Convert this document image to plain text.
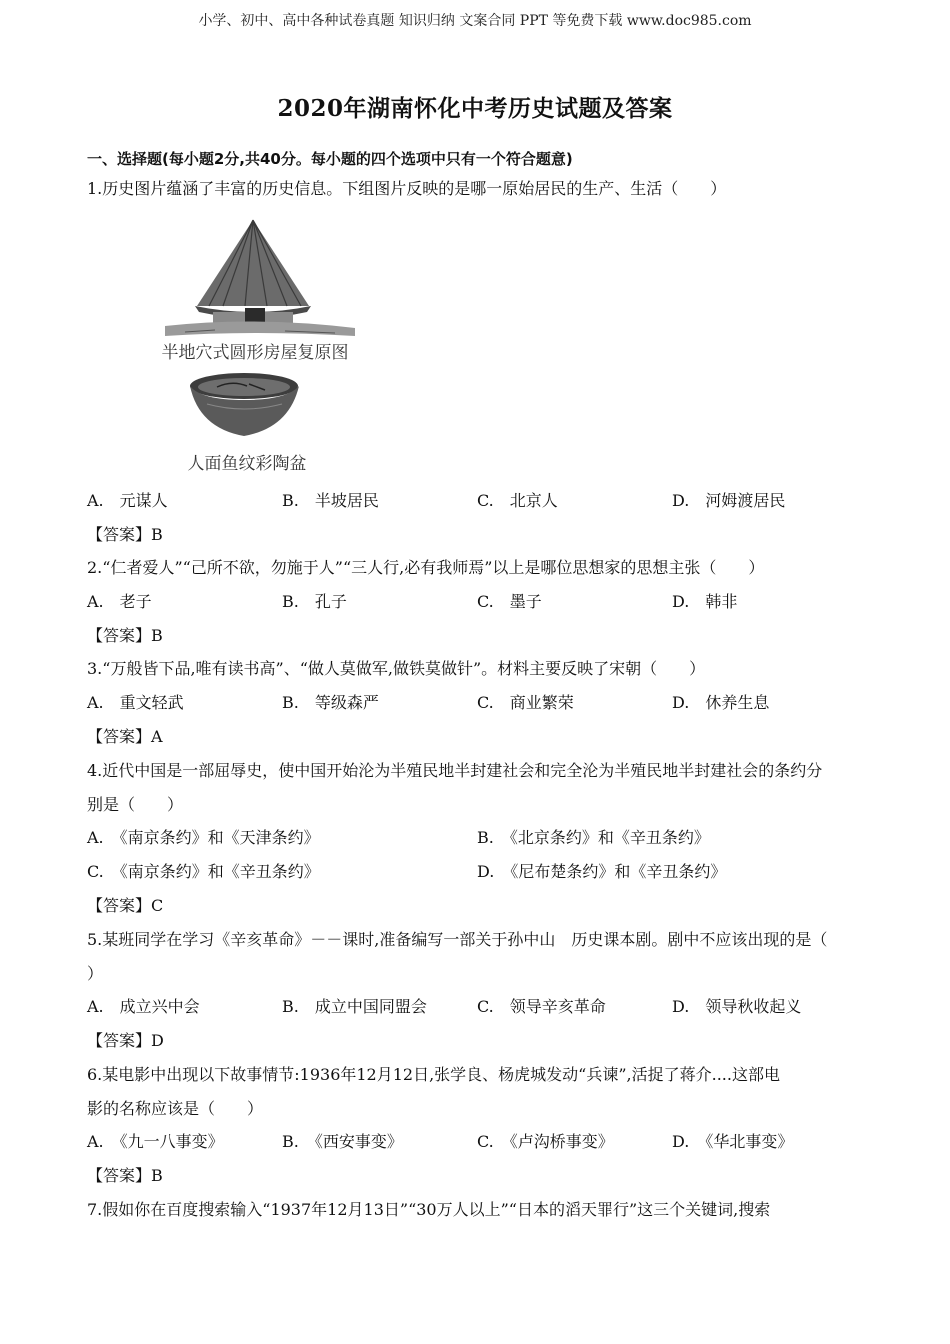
小学、初中、高中各种试卷真题 知识归纳 文案合同 PPT 等免费下载 www.doc985.com
2020年湖南怀化中考历史试题及答案
一、选择题(每小题2分,共40分。每小题的四个选项中只有一个符合题意)
1.历史图片蕴涵了丰富的历史信息。下组图片反映的是哪一原始居民的生产、生活（　　）
半地穴式圆形房屋复原图
人面鱼纹彩陶盆
A.　元谋人	B.　半坡居民	C.　北京人	D.　河姆渡居民
【答案】B
2.“仁者爱人”“己所不欲，勿施于人”“三人行,必有我师焉”以上是哪位思想家的思想主张（　　）
A.　老子	B.　孔子	C.　墨子	D.　韩非
【答案】B
3.“万般皆下品,唯有读书高”、“做人莫做军,做铁莫做针”。材料主要反映了宋朝（　　）
A.　重文轻武	B.　等级森严	C.　商业繁荣	D.　休养生息
【答案】A
4.近代中国是一部屈辱史，使中国开始沦为半殖民地半封建社会和完全沦为半殖民地半封建社会的条约分
别是（　　）
A.　《南京条约》和《天津条约》	B.　《北京条约》和《辛丑条约》
C.　《南京条约》和《辛丑条约》	D.　《尼布楚条约》和《辛丑条约》
【答案】C
5.某班同学在学习《辛亥革命》－－课时,准备编写一部关于孙中山　历史课本剧。剧中不应该出现的是（
）
A.　成立兴中会	B.　成立中国同盟会	C.　领导辛亥革命	D.　领导秋收起义
【答案】D
6.某电影中出现以下故事情节:1936年12月12日,张学良、杨虎城发动“兵谏”,活捉了蒋介....这部电
影的名称应该是（　　）
A.　《九一八事变》	B.　《西安事变》	C.　《卢沟桥事变》	D.　《华北事变》
【答案】B
7.假如你在百度搜索输入“1937年12月13日”“30万人以上”“日本的滔天罪行”这三个关键词,搜索
